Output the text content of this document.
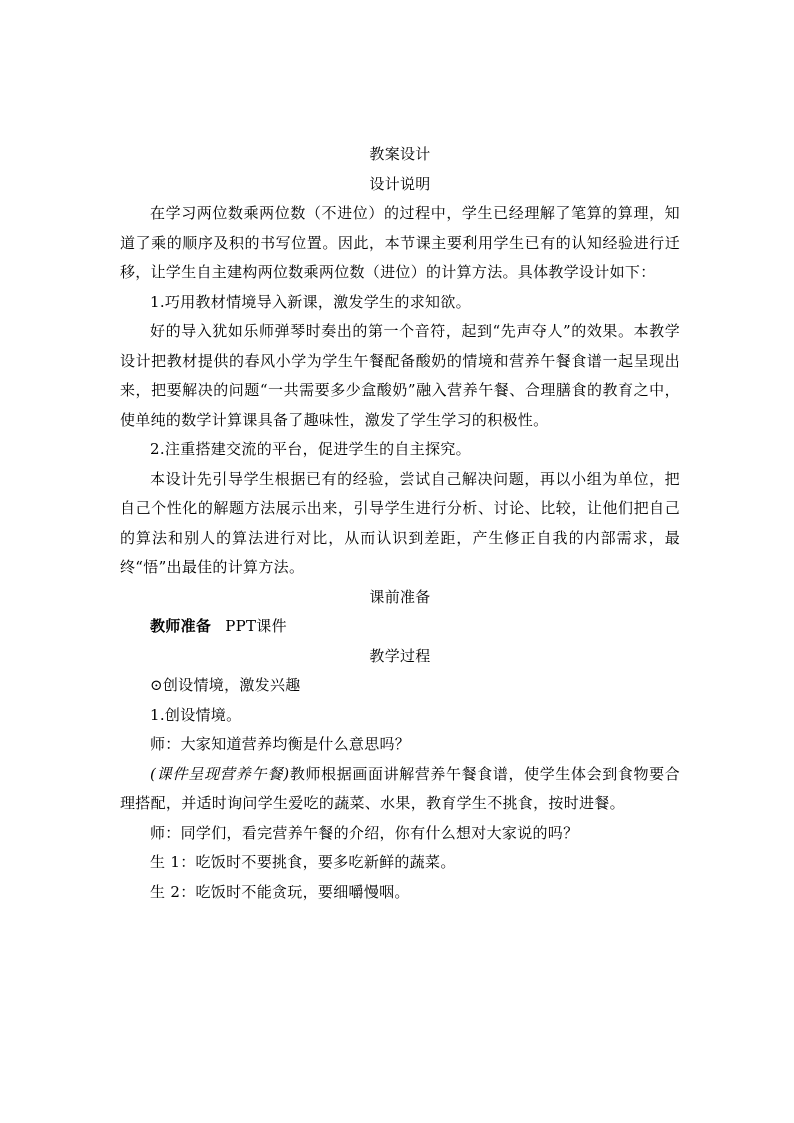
教案设计

设计说明

在学习两位数乘两位数（不进位）的过程中，学生已经理解了笔算的算理，知道了乘的顺序及积的书写位置。因此，本节课主要利用学生已有的认知经验进行迁移，让学生自主建构两位数乘两位数（进位）的计算方法。具体教学设计如下：

1.巧用教材情境导入新课，激发学生的求知欲。

好的导入犹如乐师弹琴时奏出的第一个音符，起到“先声夺人”的效果。本教学设计把教材提供的春风小学为学生午餐配备酸奶的情境和营养午餐食谱一起呈现出来，把要解决的问题“一共需要多少盒酸奶”融入营养午餐、合理膳食的教育之中，使单纯的数学计算课具备了趣味性，激发了学生学习的积极性。

2.注重搭建交流的平台，促进学生的自主探究。

本设计先引导学生根据已有的经验，尝试自己解决问题，再以小组为单位，把自己个性化的解题方法展示出来，引导学生进行分析、讨论、比较，让他们把自己的算法和别人的算法进行对比，从而认识到差距，产生修正自我的内部需求，最终“悟”出最佳的计算方法。

课前准备

教师准备 PPT课件

教学过程

⊙创设情境，激发兴趣

1.创设情境。

师：大家知道营养均衡是什么意思吗？

(课件呈现营养午餐)教师根据画面讲解营养午餐食谱，使学生体会到食物要合理搭配，并适时询问学生爱吃的蔬菜、水果，教育学生不挑食，按时进餐。

师：同学们，看完营养午餐的介绍，你有什么想对大家说的吗？

生 1：吃饭时不要挑食，要多吃新鲜的蔬菜。

生 2：吃饭时不能贪玩，要细嚼慢咽。
